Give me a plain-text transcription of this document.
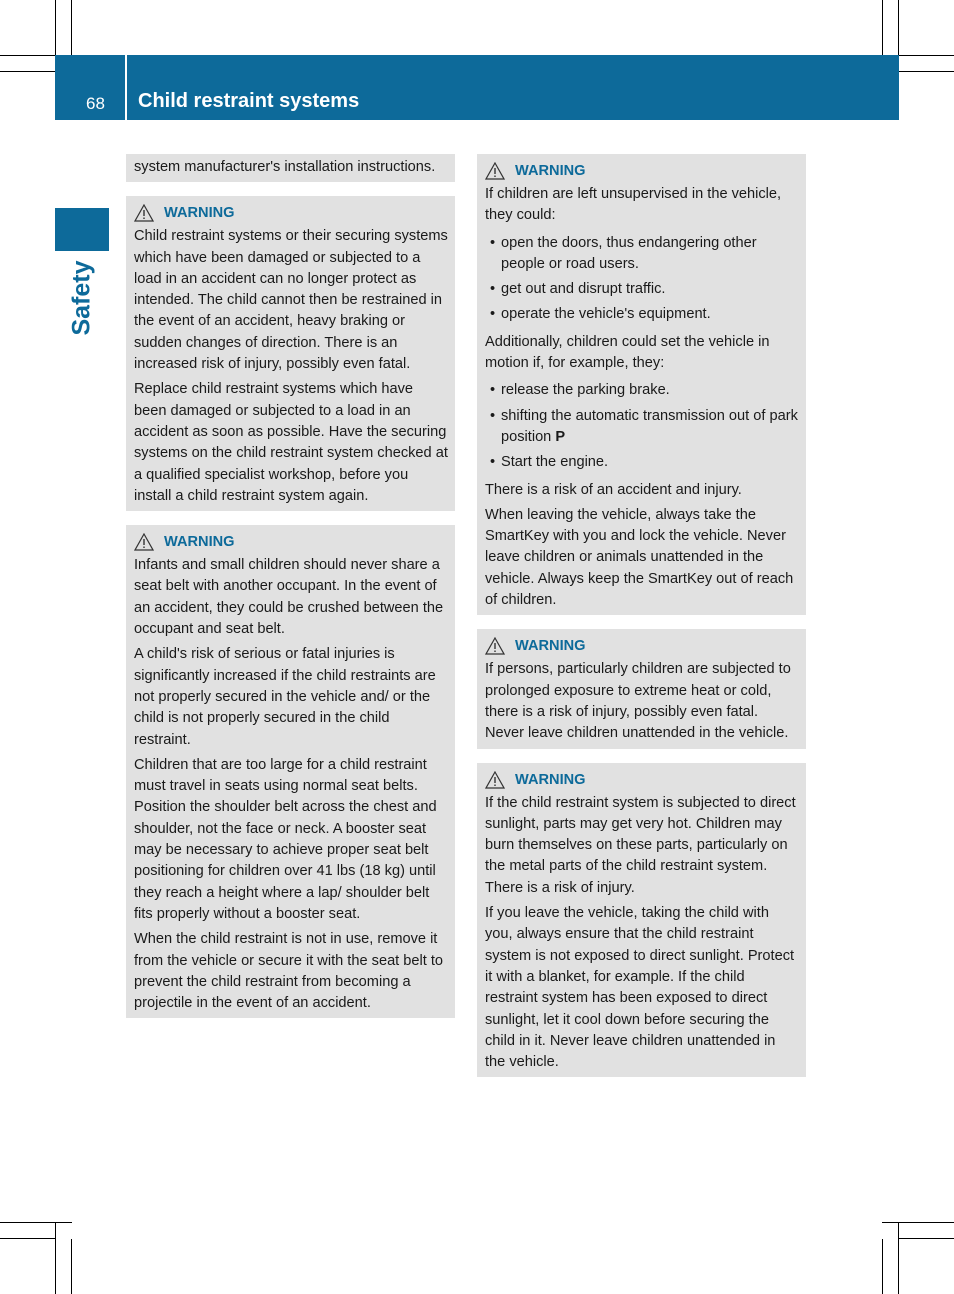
68 Child restraint systems
Safety

system manufacturer's installation instructions.

WARNING

Child restraint systems or their securing systems which have been damaged or subjected to a load in an accident can no longer protect as intended. The child cannot then be restrained in the event of an accident, heavy braking or sudden changes of direction. There is an increased risk of injury, possibly even fatal.

Replace child restraint systems which have been damaged or subjected to a load in an accident as soon as possible. Have the securing systems on the child restraint system checked at a qualified specialist workshop, before you install a child restraint system again.

WARNING

Infants and small children should never share a seat belt with another occupant. In the event of an accident, they could be crushed between the occupant and seat belt.

A child's risk of serious or fatal injuries is significantly increased if the child restraints are not properly secured in the vehicle and/ or the child is not properly secured in the child restraint.

Children that are too large for a child restraint must travel in seats using normal seat belts. Position the shoulder belt across the chest and shoulder, not the face or neck. A booster seat may be necessary to achieve proper seat belt positioning for children over 41 lbs (18 kg) until they reach a height where a lap/ shoulder belt fits properly without a booster seat.

When the child restraint is not in use, remove it from the vehicle or secure it with the seat belt to prevent the child restraint from becoming a projectile in the event of an accident.

WARNING

If children are left unsupervised in the vehicle, they could:

• open the doors, thus endangering other people or road users.

• get out and disrupt traffic.

• operate the vehicle's equipment.

Additionally, children could set the vehicle in motion if, for example, they:

• release the parking brake.

• shifting the automatic transmission out of park position P

• Start the engine.

There is a risk of an accident and injury.

When leaving the vehicle, always take the SmartKey with you and lock the vehicle. Never leave children or animals unattended in the vehicle. Always keep the SmartKey out of reach of children.

WARNING

If persons, particularly children are subjected to prolonged exposure to extreme heat or cold, there is a risk of injury, possibly even fatal. Never leave children unattended in the vehicle.

WARNING

If the child restraint system is subjected to direct sunlight, parts may get very hot. Children may burn themselves on these parts, particularly on the metal parts of the child restraint system. There is a risk of injury.

If you leave the vehicle, taking the child with you, always ensure that the child restraint system is not exposed to direct sunlight. Protect it with a blanket, for example. If the child restraint system has been exposed to direct sunlight, let it cool down before securing the child in it. Never leave children unattended in the vehicle.
